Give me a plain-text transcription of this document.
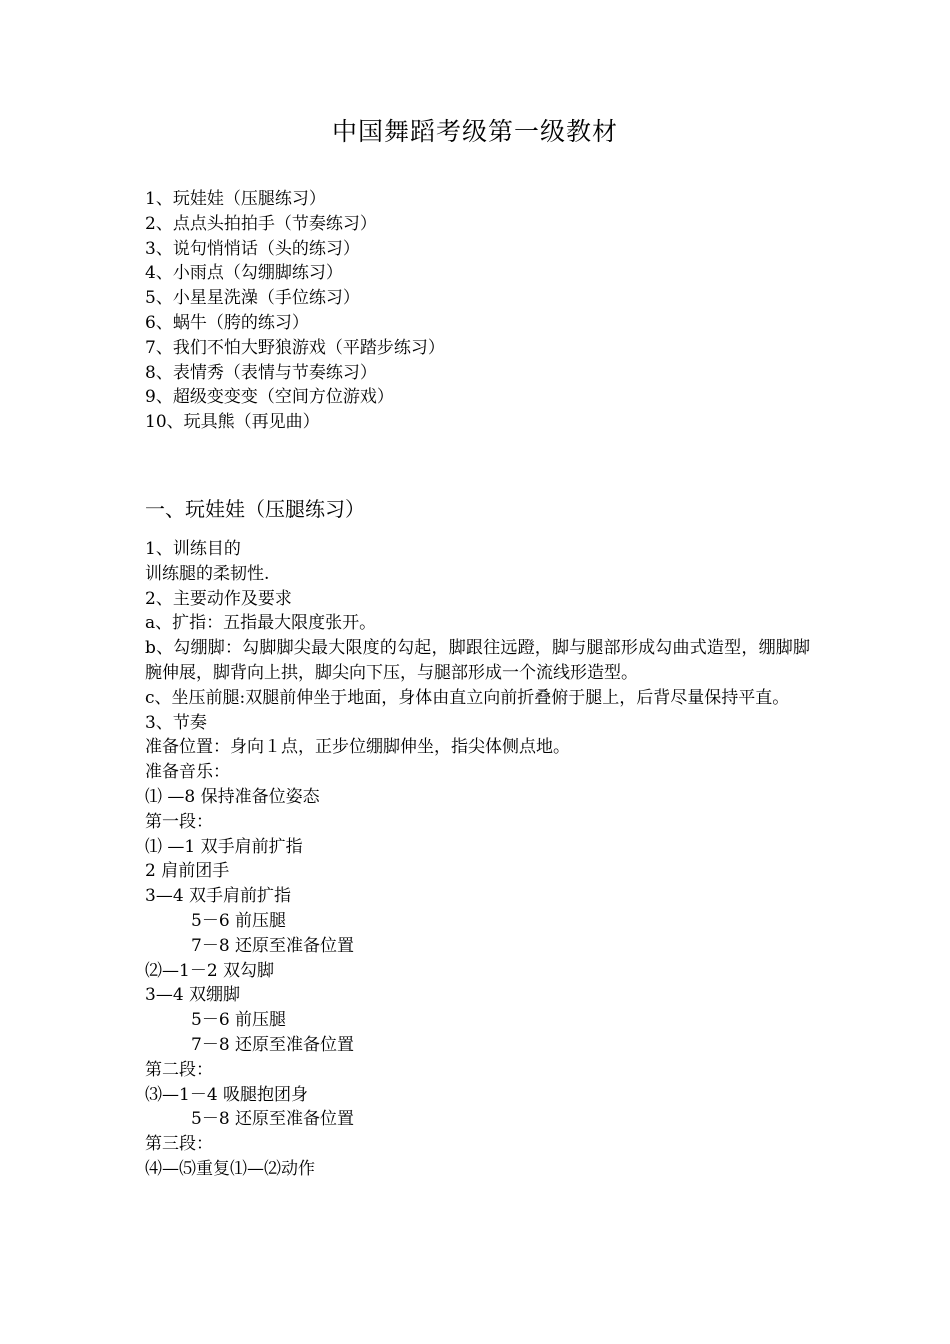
中国舞蹈考级第一级教材
1、玩娃娃（压腿练习）
2、点点头拍拍手（节奏练习）
3、说句悄悄话（头的练习）
4、小雨点（勾绷脚练习）
5、小星星洗澡（手位练习）
6、蜗牛（胯的练习）
7、我们不怕大野狼游戏（平踏步练习）
8、表情秀（表情与节奏练习）
9、超级变变变（空间方位游戏）
10、玩具熊（再见曲）
一、玩娃娃（压腿练习）
1、训练目的
训练腿的柔韧性.
2、主要动作及要求
a、扩指：五指最大限度张开。
b、勾绷脚：勾脚脚尖最大限度的勾起，脚跟往远蹬，脚与腿部形成勾曲式造型，绷脚脚腕伸展，脚背向上拱，脚尖向下压，与腿部形成一个流线形造型。
c、坐压前腿:双腿前伸坐于地面，身体由直立向前折叠俯于腿上，后背尽量保持平直。
3、节奏
准备位置：身向１点，正步位绷脚伸坐，指尖体侧点地。
准备音乐：
⑴ —8 保持准备位姿态
第一段：
⑴ —1 双手肩前扩指
2 肩前团手
3—4 双手肩前扩指
5－6 前压腿
7－8 还原至准备位置
⑵—1－2 双勾脚
3—4 双绷脚
5－6 前压腿
7－8 还原至准备位置
第二段：
⑶—1－4 吸腿抱团身
5－8 还原至准备位置
第三段：
⑷—⑸重复⑴—⑵动作
